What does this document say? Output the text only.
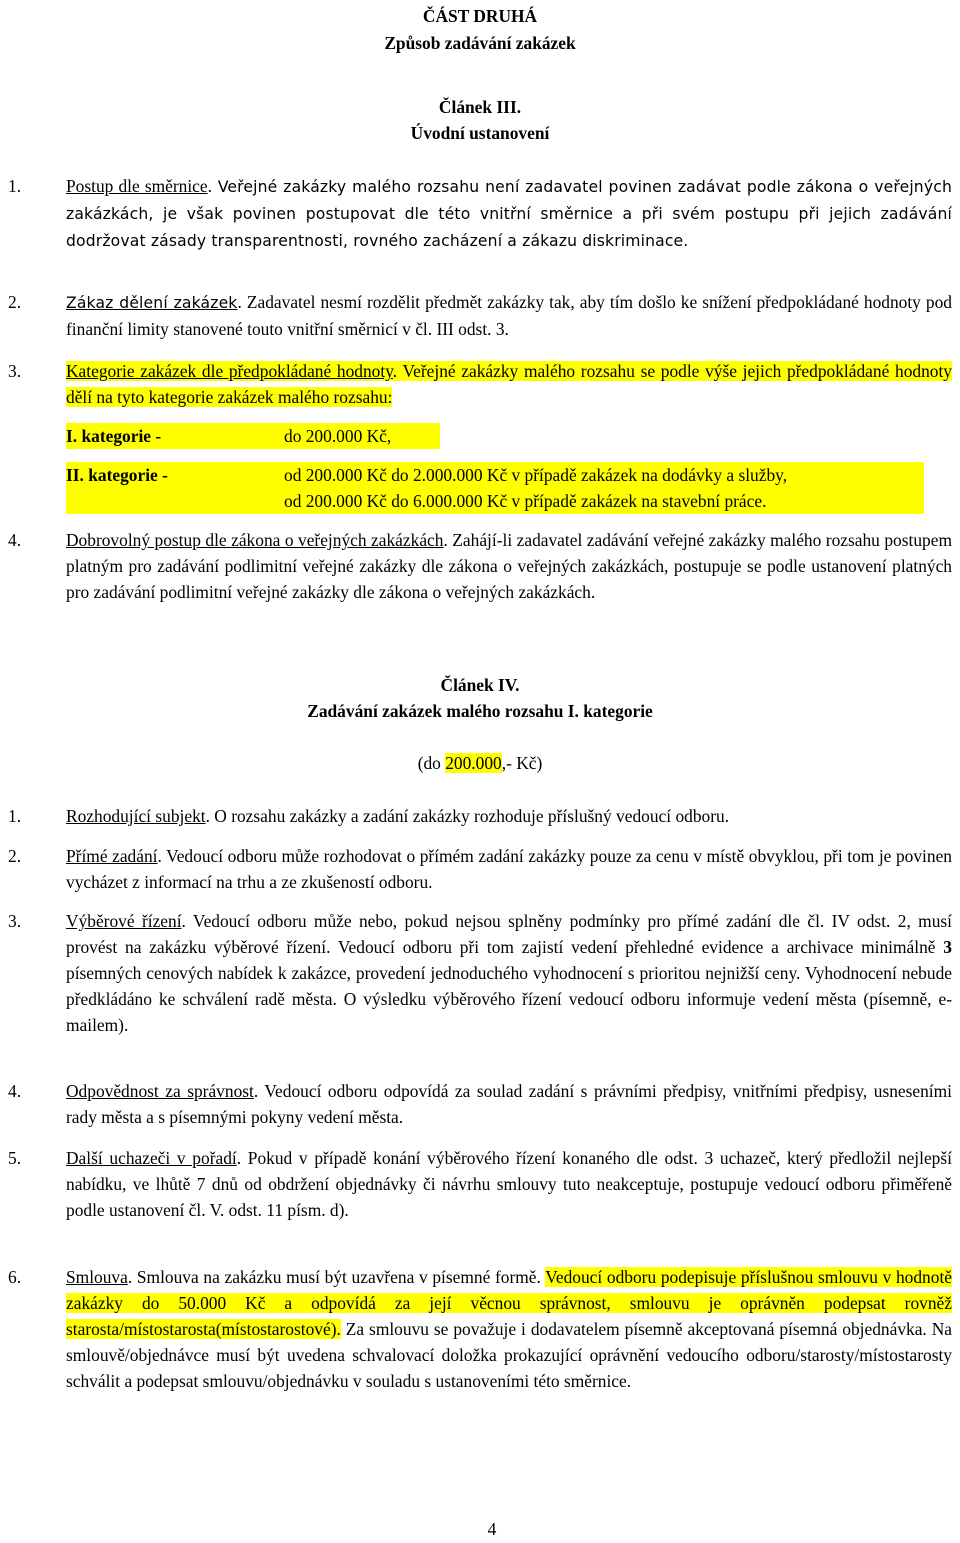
ČÁST DRUHÁ
Způsob zadávání zakázek
Článek III.
Úvodní ustanovení
1.	Postup dle směrnice. Veřejné zakázky malého rozsahu není zadavatel povinen zadávat podle zákona o veřejných zakázkách, je však povinen postupovat dle této vnitřní směrnice a při svém postupu při jejich zadávání dodržovat zásady transparentnosti, rovného zacházení a zákazu diskriminace.
2.	Zákaz dělení zakázek. Zadavatel nesmí rozdělit předmět zakázky tak, aby tím došlo ke snížení předpokládané hodnoty pod finanční limity stanovené touto vnitřní směrnicí v čl. III odst. 3.
3.	Kategorie zakázek dle předpokládané hodnoty. Veřejné zakázky malého rozsahu se podle výše jejich předpokládané hodnoty dělí na tyto kategorie zakázek malého rozsahu:
I. kategorie -	do 200.000 Kč,
II. kategorie -	od 200.000 Kč do 2.000.000 Kč v případě zakázek na dodávky a služby,
od 200.000 Kč do 6.000.000 Kč v případě zakázek na stavební práce.
4.	Dobrovolný postup dle zákona o veřejných zakázkách. Zahájí-li zadavatel zadávání veřejné zakázky malého rozsahu postupem platným pro zadávání podlimitní veřejné zakázky dle zákona o veřejných zakázkách, postupuje se podle ustanovení platných pro zadávání podlimitní veřejné zakázky dle zákona o veřejných zakázkách.
Článek IV.
Zadávání zakázek malého rozsahu I. kategorie
(do 200.000,- Kč)
1.	Rozhodující subjekt. O rozsahu zakázky a zadání zakázky rozhoduje příslušný vedoucí odboru.
2.	Přímé zadání. Vedoucí odboru může rozhodovat o přímém zadání zakázky pouze za cenu v místě obvyklou, při tom je povinen vycházet z informací na trhu a ze zkušeností odboru.
3.	Výběrové řízení. Vedoucí odboru může nebo, pokud nejsou splněny podmínky pro přímé zadání dle čl. IV odst. 2, musí provést na zakázku výběrové řízení. Vedoucí odboru při tom zajistí vedení přehledné evidence a archivace minimálně 3 písemných cenových nabídek k zakázce, provedení jednoduchého vyhodnocení s prioritou nejnižší ceny. Vyhodnocení nebude předkládáno ke schválení radě města. O výsledku výběrového řízení vedoucí odboru informuje vedení města (písemně, e-mailem).
4.	Odpovědnost za správnost. Vedoucí odboru odpovídá za soulad zadání s právními předpisy, vnitřními předpisy, usneseními rady města a s písemnými pokyny vedení města.
5.	Další uchazeči v pořadí. Pokud v případě konání výběrového řízení konaného dle odst. 3 uchazeč, který předložil nejlepší nabídku, ve lhůtě 7 dnů od obdržení objednávky či návrhu smlouvy tuto neakceptuje, postupuje vedoucí odboru přiměřeně podle ustanovení čl. V. odst. 11 písm. d).
6.	Smlouva. Smlouva na zakázku musí být uzavřena v písemné formě. Vedoucí odboru podepisuje příslušnou smlouvu v hodnotě zakázky do 50.000 Kč a odpovídá za její věcnou správnost, smlouvu je oprávněn podepsat rovněž starosta/místostarosta(místostarostové). Za smlouvu se považuje i dodavatelem písemně akceptovaná písemná objednávka. Na smlouvě/objednávce musí být uvedena schvalovací doložka prokazující oprávnění vedoucího odboru/starosty/místostarosty schválit a podepsat smlouvu/objednávku v souladu s ustanoveními této směrnice.
4
